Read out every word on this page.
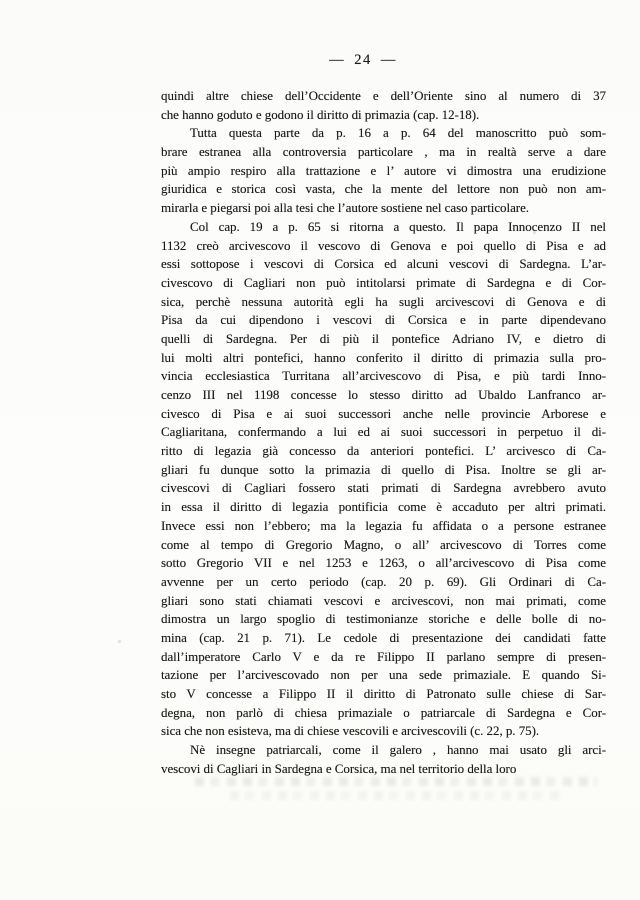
— 24 —
quindi altre chiese dell’Occidente e dell’Oriente sino al numero di 37
che hanno goduto e godono il diritto di primazia (cap. 12-18).
Tutta questa parte da p. 16 a p. 64 del manoscritto può som-
brare estranea alla controversia particolare , ma in realtà serve a dare
più ampio respiro alla trattazione e l’ autore vi dimostra una erudizione
giuridica e storica così vasta, che la mente del lettore non può non am-
mirarla e piegarsi poi alla tesi che l’autore sostiene nel caso particolare.
Col cap. 19 a p. 65 si ritorna a questo. Il papa Innocenzo II nel
1132 creò arcivescovo il vescovo di Genova e poi quello di Pisa e ad
essi sottopose i vescovi di Corsica ed alcuni vescovi di Sardegna. L’ar-
civescovo di Cagliari non può intitolarsi primate di Sardegna e di Cor-
sica, perchè nessuna autorità egli ha sugli arcivescovi di Genova e di
Pisa da cui dipendono i vescovi di Corsica e in parte dipendevano
quelli di Sardegna. Per di più il pontefice Adriano IV, e dietro di
lui molti altri pontefici, hanno conferito il diritto di primazia sulla pro-
vincia ecclesiastica Turritana all’arcivescovo di Pisa, e più tardi Inno-
cenzo III nel 1198 concesse lo stesso diritto ad Ubaldo Lanfranco ar-
civesco di Pisa e ai suoi successori anche nelle provincie Arborese e
Cagliaritana, confermando a lui ed ai suoi successori in perpetuo il di-
ritto di legazia già concesso da anteriori pontefici. L’ arcivesco di Ca-
gliari fu dunque sotto la primazia di quello di Pisa. Inoltre se gli ar-
civescovi di Cagliari fossero stati primati di Sardegna avrebbero avuto
in essa il diritto di legazia pontificia come è accaduto per altri primati.
Invece essi non l’ebbero; ma la legazia fu affidata o a persone estranee
come al tempo di Gregorio Magno, o all’ arcivescovo di Torres come
sotto Gregorio VII e nel 1253 e 1263, o all’arcivescovo di Pisa come
avvenne per un certo periodo (cap. 20 p. 69). Gli Ordinari di Ca-
gliari sono stati chiamati vescovi e arcivescovi, non mai primati, come
dimostra un largo spoglio di testimonianze storiche e delle bolle di no-
mina (cap. 21 p. 71). Le cedole di presentazione dei candidati fatte
dall’imperatore Carlo V e da re Filippo II parlano sempre di presen-
tazione per l’arcivescovado non per una sede primaziale. E quando Si-
sto V concesse a Filippo II il diritto di Patronato sulle chiese di Sar-
degna, non parlò di chiesa primaziale o patriarcale di Sardegna e Cor-
sica che non esisteva, ma di chiese vescovili e arcivescovili (c. 22, p. 75).
Nè insegne patriarcali, come il galero , hanno mai usato gli arci-
vescovi di Cagliari in Sardegna e Corsica, ma nel territorio della loro
